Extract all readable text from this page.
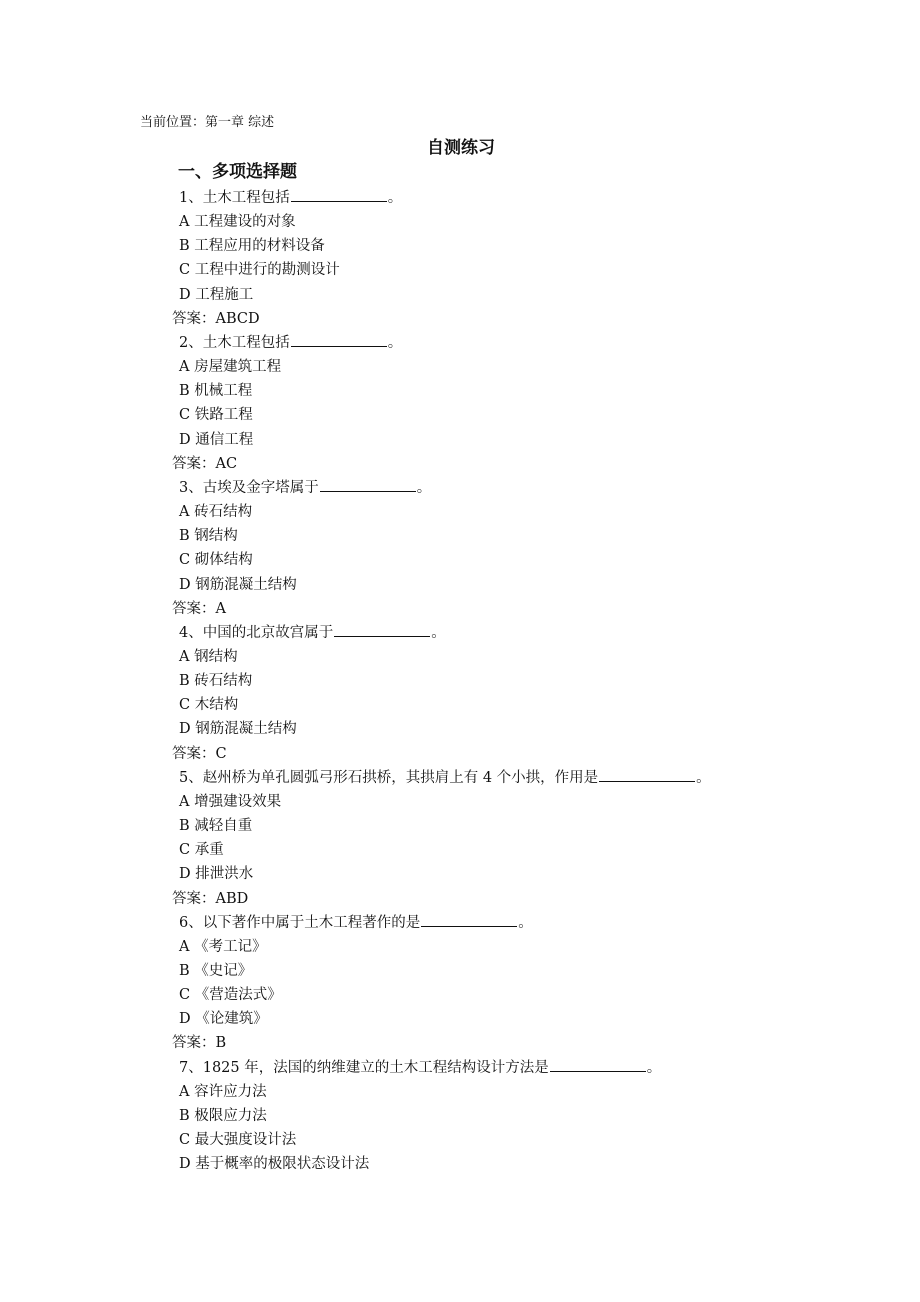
当前位置：第一章 综述
自测练习
一、多项选择题
1、土木工程包括	。
A 工程建设的对象
B 工程应用的材料设备
C 工程中进行的勘测设计
D 工程施工
答案：ABCD
2、土木工程包括	。
A 房屋建筑工程
B 机械工程
C 铁路工程
D 通信工程
答案：AC
3、古埃及金字塔属于	。
A 砖石结构
B 钢结构
C 砌体结构
D 钢筋混凝土结构
答案：A
4、中国的北京故宫属于	。
A 钢结构
B 砖石结构
C 木结构
D 钢筋混凝土结构
答案：C
5、赵州桥为单孔圆弧弓形石拱桥，其拱肩上有 4 个小拱，作用是	。
A 增强建设效果
B 减轻自重
C 承重
D 排泄洪水
答案：ABD
6、以下著作中属于土木工程著作的是	。
A 《考工记》
B 《史记》
C 《营造法式》
D 《论建筑》
答案：B
7、1825 年，法国的纳维建立的土木工程结构设计方法是	。
A 容许应力法
B 极限应力法
C 最大强度设计法
D 基于概率的极限状态设计法
